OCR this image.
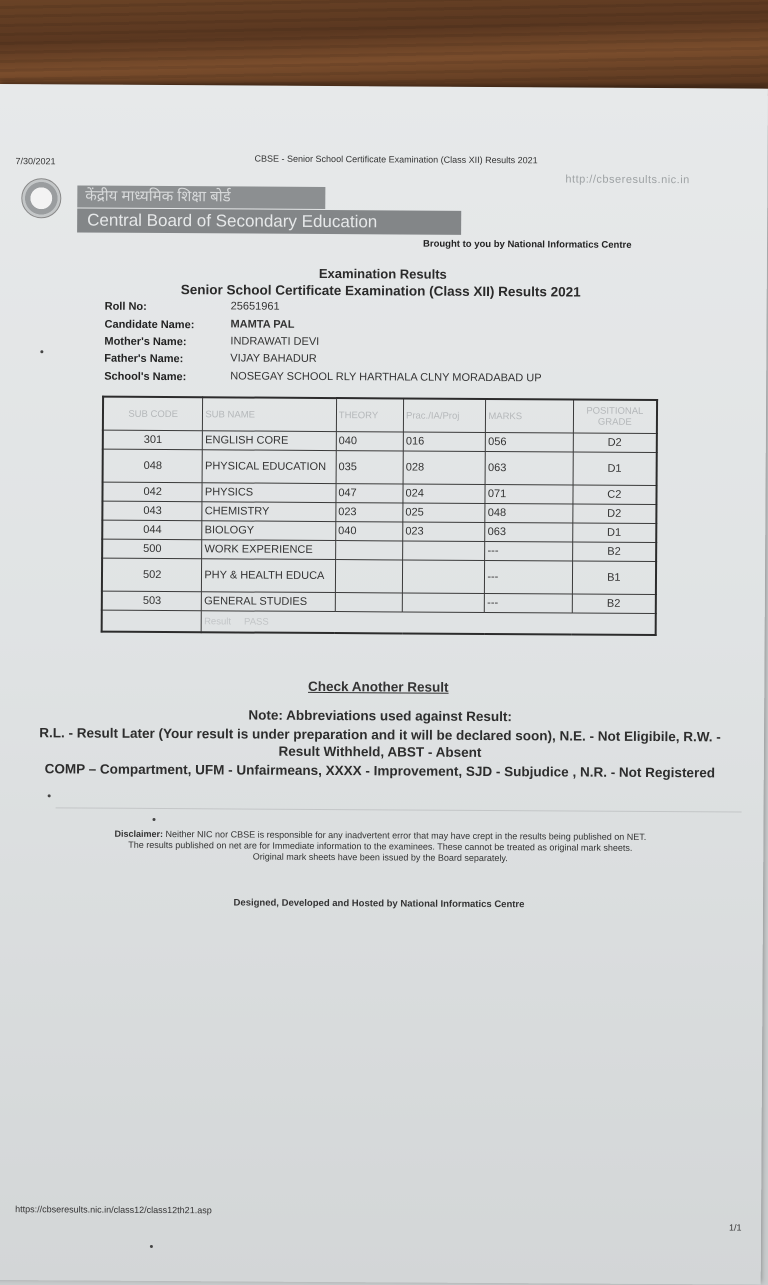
7/30/2021	CBSE - Senior School Certificate Examination (Class XII) Results 2021
http://cbseresults.nic.in
केंद्रीय माध्यमिक शिक्षा बोर्ड
Central Board of Secondary Education
Brought to you by National Informatics Centre
Examination Results
Senior School Certificate Examination (Class XII) Results 2021
Roll No:	25651961
Candidate Name:	MAMTA PAL
Mother's Name:	INDRAWATI DEVI
Father's Name:	VIJAY BAHADUR
School's Name:	NOSEGAY SCHOOL RLY HARTHALA CLNY MORADABAD UP
SUB CODE	SUB NAME	THEORY	Prac./IA/Proj	MARKS	POSITIONAL GRADE
301	ENGLISH CORE	040	016	056	D2
048	PHYSICAL EDUCATION	035	028	063	D1
042	PHYSICS	047	024	071	C2
043	CHEMISTRY	023	025	048	D2
044	BIOLOGY	040	023	063	D1
500	WORK EXPERIENCE			---	B2
502	PHY & HEALTH EDUCA			---	B1
503	GENERAL STUDIES			---	B2
	Result PASS				
Check Another Result
Note: Abbreviations used against Result:
R.L. - Result Later (Your result is under preparation and it will be declared soon), N.E. - Not Eligibile, R.W. - Result Withheld, ABST - Absent
COMP – Compartment, UFM - Unfairmeans, XXXX - Improvement, SJD - Subjudice , N.R. - Not Registered
Disclaimer: Neither NIC nor CBSE is responsible for any inadvertent error that may have crept in the results being published on NET. The results published on net are for Immediate information to the examinees. These cannot be treated as original mark sheets. Original mark sheets have been issued by the Board separately.
Designed, Developed and Hosted by National Informatics Centre
https://cbseresults.nic.in/class12/class12th21.asp
1/1
